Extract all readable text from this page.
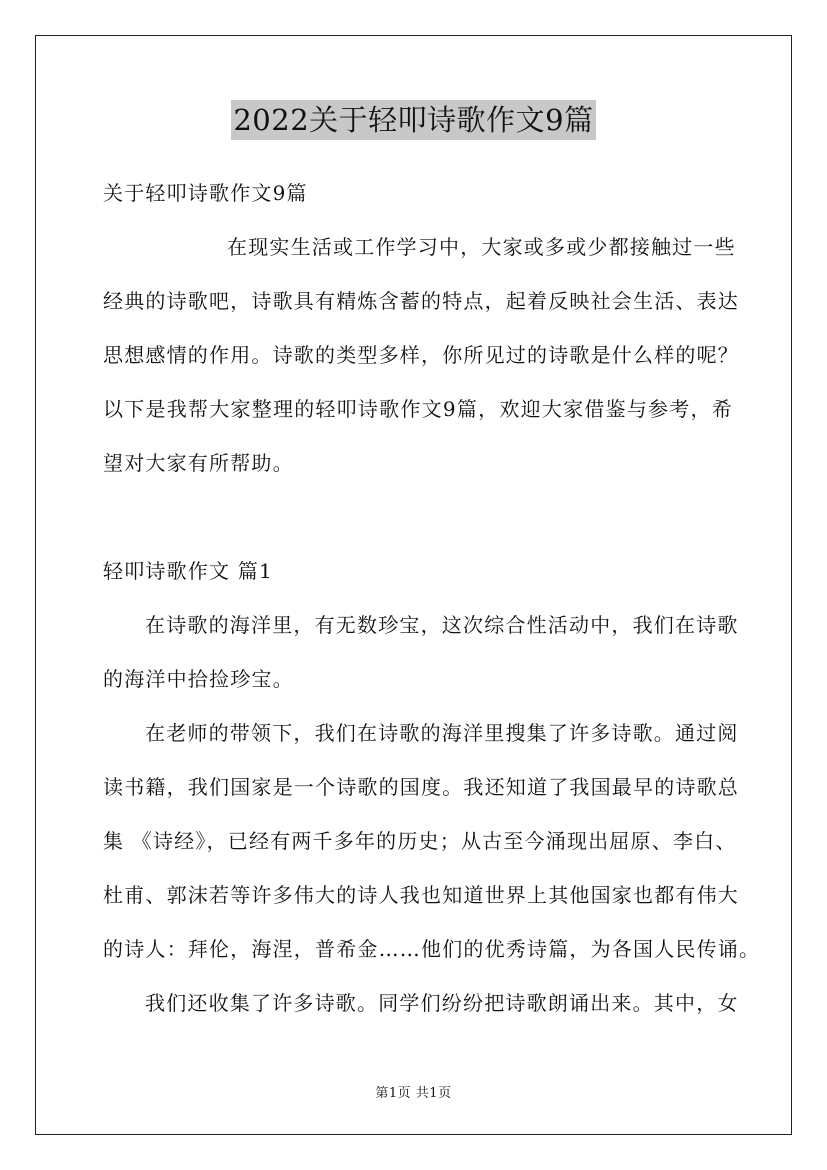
2022关于轻叩诗歌作文9篇
关于轻叩诗歌作文9篇
在现实生活或工作学习中，大家或多或少都接触过一些
经典的诗歌吧，诗歌具有精炼含蓄的特点，起着反映社会生活、表达
思想感情的作用。诗歌的类型多样，你所见过的诗歌是什么样的呢？
以下是我帮大家整理的轻叩诗歌作文9篇，欢迎大家借鉴与参考，希
望对大家有所帮助。
轻叩诗歌作文 篇1
在诗歌的海洋里，有无数珍宝，这次综合性活动中，我们在诗歌
的海洋中拾捡珍宝。
在老师的带领下，我们在诗歌的海洋里搜集了许多诗歌。通过阅
读书籍，我们国家是一个诗歌的国度。我还知道了我国最早的诗歌总
集 《诗经》，已经有两千多年的历史；从古至今涌现出屈原、李白、
杜甫、郭沫若等许多伟大的诗人我也知道世界上其他国家也都有伟大
的诗人：拜伦，海涅，普希金……他们的优秀诗篇，为各国人民传诵。
我们还收集了许多诗歌。同学们纷纷把诗歌朗诵出来。其中，女
第1页 共1页
